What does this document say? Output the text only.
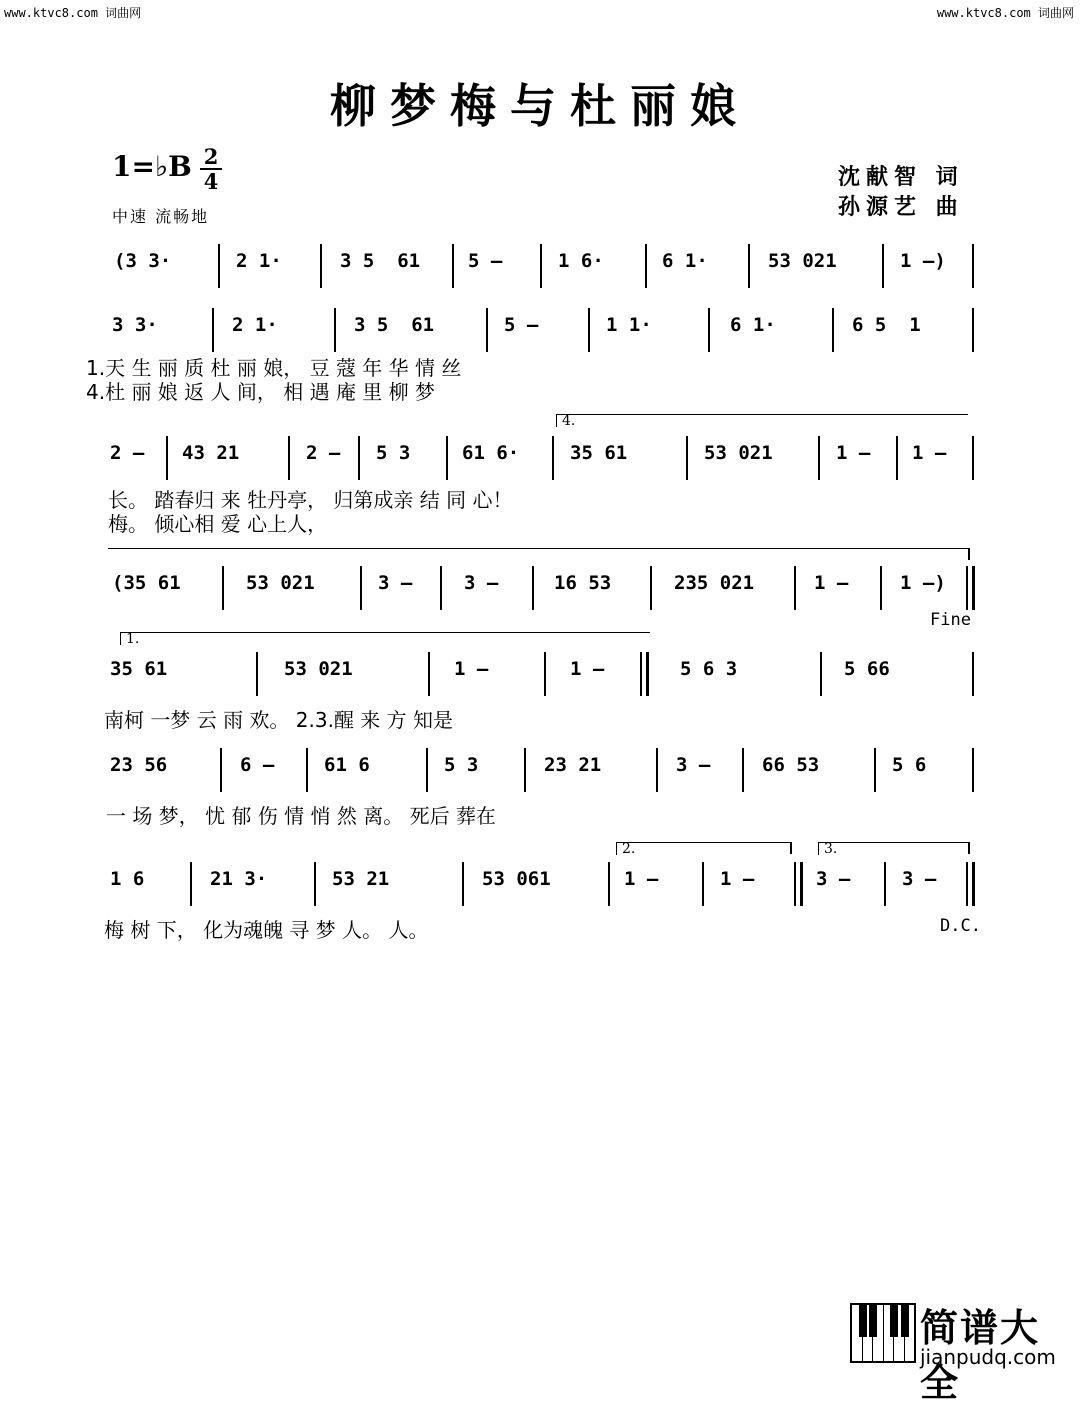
www.ktvc8.com 词曲网	www.ktvc8.com 词曲网
柳梦梅与杜丽娘
1=♭B 2
4
中速 流畅地
沈献智 词
孙源艺 曲
(3 3·	2 1·	3 5  61	5 –	1 6·	6 1·	53 021	1 –)
3 3·	2 1·	3 5  61	5 –	1 1·	6 1·	6 5  1
1.天 生 丽 质 杜 丽 娘， 豆 蔻 年 华 情 丝
4.杜 丽 娘 返 人 间， 相 遇 庵 里 柳 梦
4.
2 – 43 21	2 – 5 3	61 6·	35 61	53 021	1 – 1 –
长。 踏春归 来 牡丹亭， 归第成亲 结 同 心！
梅。 倾心相 爱 心上人，
(35 61	53 021	3 –	3 –	16 53	235 021	1 –	1 –)
Fine
1.
35 61	53 021	1 –	1 –	5 6 3	5 66
南柯 一梦 云 雨 欢。 2.3.醒 来 方 知是
23 56	6 –	61 6	5 3	23 21	3 –	66 53	5 6
一 场 梦， 忧 郁 伤 情 悄 然 离。 死后 葬在
2.	3.
1 6	21 3·	53 21	53 061	1 –	1 –	3 –	3 –
梅 树 下， 化为魂魄 寻 梦 人。 人。	D.C.
简谱大全
jianpudq.com
